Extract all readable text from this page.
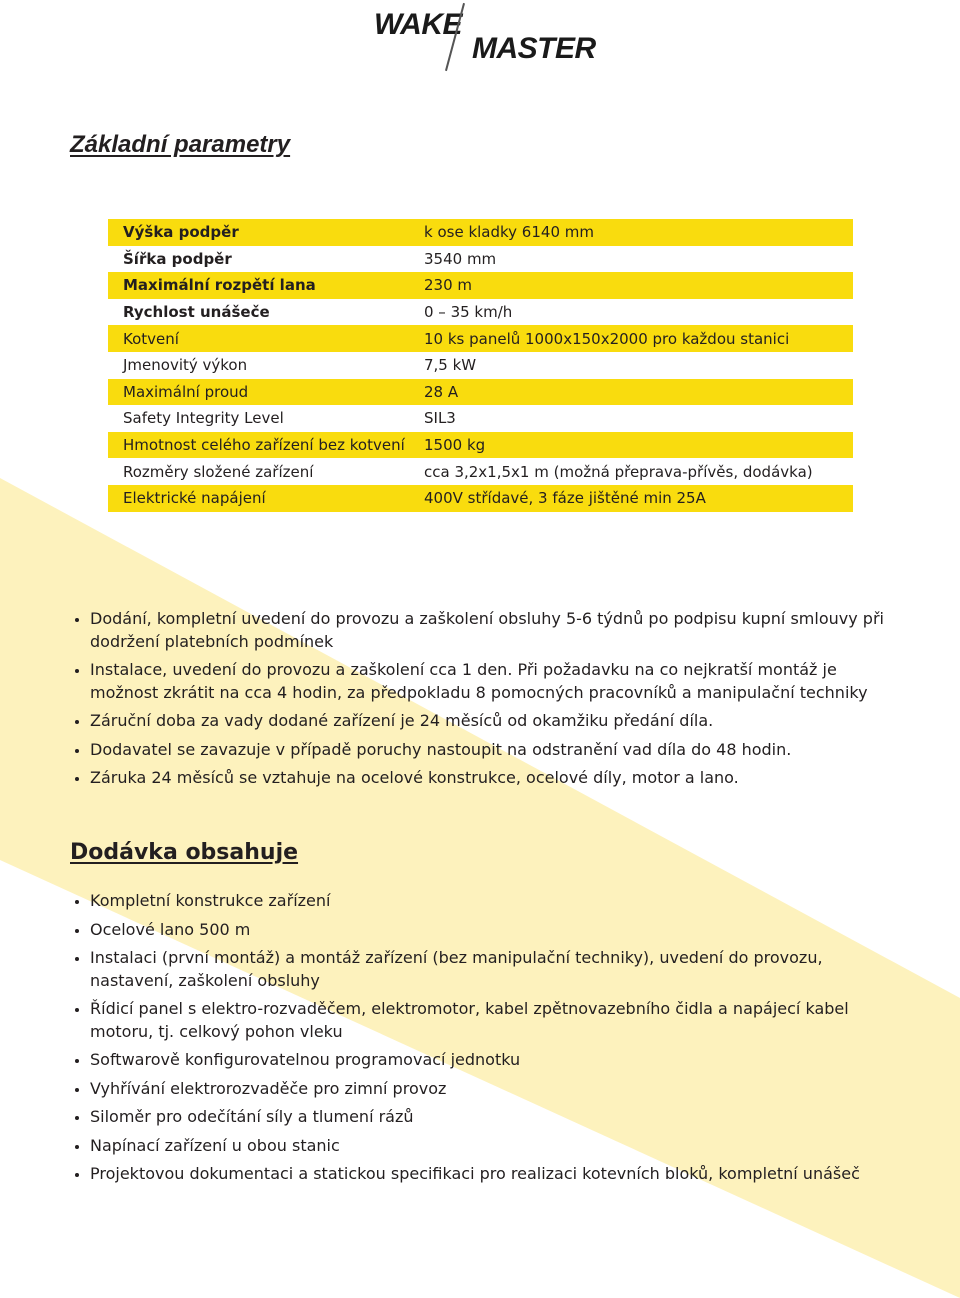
WAKE
MASTER
Základní parametry
Výška podpěr	k ose kladky 6140 mm
Šířka podpěr	3540 mm
Maximální rozpětí lana	230 m
Rychlost unášeče	0 – 35 km/h
Kotvení	10 ks panelů 1000x150x2000 pro každou stanici
Jmenovitý výkon	7,5 kW
Maximální proud	28 A
Safety Integrity Level	SIL3
Hmotnost celého zařízení bez kotvení	1500 kg
Rozměry složené zařízení	cca 3,2x1,5x1 m (možná přeprava-přívěs, dodávka)
Elektrické napájení	400V střídavé, 3 fáze jištěné min 25A
Dodání, kompletní uvedení do provozu a zaškolení obsluhy 5-6 týdnů po podpisu kupní smlouvy při dodržení platebních podmínek
Instalace, uvedení do provozu a zaškolení cca 1 den. Při požadavku na co nejkratší montáž je možnost zkrátit na cca 4 hodin, za předpokladu 8 pomocných pracovníků a manipulační techniky
Záruční doba za vady dodané zařízení je 24 měsíců od okamžiku předání díla.
Dodavatel se zavazuje v případě poruchy nastoupit na odstranění vad díla do 48 hodin.
Záruka 24 měsíců se vztahuje na ocelové konstrukce, ocelové díly, motor a lano.
Dodávka obsahuje
Kompletní konstrukce zařízení
Ocelové lano 500 m
Instalaci (první montáž) a montáž zařízení (bez manipulační techniky), uvedení do provozu, nastavení, zaškolení obsluhy
Řídicí panel s elektro-rozvaděčem, elektromotor, kabel zpětnovazebního čidla a napájecí kabel motoru, tj. celkový pohon vleku
Softwarově konfigurovatelnou programovací jednotku
Vyhřívání elektrorozvaděče pro zimní provoz
Siloměr pro odečítání síly a tlumení rázů
Napínací zařízení u obou stanic
Projektovou dokumentaci a statickou specifikaci pro realizaci kotevních bloků, kompletní unášeč
